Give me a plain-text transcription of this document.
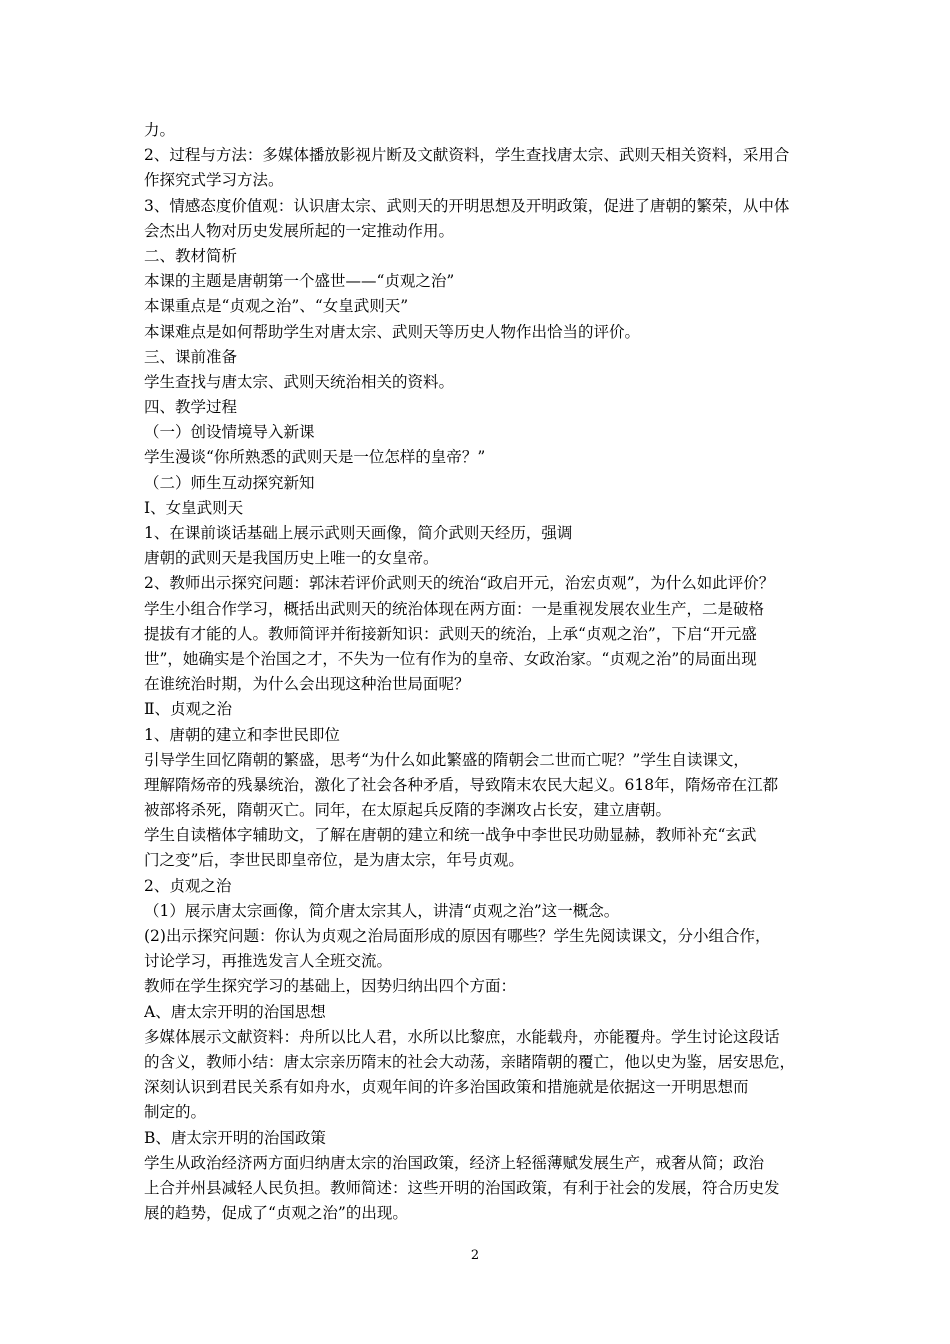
力。
2、过程与方法：多媒体播放影视片断及文献资料，学生查找唐太宗、武则天相关资料，采用合
作探究式学习方法。
3、情感态度价值观：认识唐太宗、武则天的开明思想及开明政策，促进了唐朝的繁荣，从中体
会杰出人物对历史发展所起的一定推动作用。
二、教材简析
本课的主题是唐朝第一个盛世——“贞观之治”
本课重点是“贞观之治”、“女皇武则天”
本课难点是如何帮助学生对唐太宗、武则天等历史人物作出恰当的评价。
三、课前准备
学生查找与唐太宗、武则天统治相关的资料。
四、教学过程
（一）创设情境导入新课
学生漫谈“你所熟悉的武则天是一位怎样的皇帝？”
（二）师生互动探究新知
Ⅰ、女皇武则天
1、在课前谈话基础上展示武则天画像，简介武则天经历，强调
唐朝的武则天是我国历史上唯一的女皇帝。
2、教师出示探究问题：郭沫若评价武则天的统治“政启开元，治宏贞观”，为什么如此评价？
学生小组合作学习，概括出武则天的统治体现在两方面：一是重视发展农业生产，二是破格
提拔有才能的人。教师简评并衔接新知识：武则天的统治，上承“贞观之治”，下启“开元盛
世”，她确实是个治国之才，不失为一位有作为的皇帝、女政治家。“贞观之治”的局面出现
在谁统治时期，为什么会出现这种治世局面呢？
Ⅱ、贞观之治
1、唐朝的建立和李世民即位
引导学生回忆隋朝的繁盛，思考“为什么如此繁盛的隋朝会二世而亡呢？”学生自读课文，
理解隋炀帝的残暴统治，激化了社会各种矛盾，导致隋末农民大起义。618年，隋炀帝在江都
被部将杀死，隋朝灭亡。同年，在太原起兵反隋的李渊攻占长安，建立唐朝。
学生自读楷体字辅助文，了解在唐朝的建立和统一战争中李世民功勋显赫，教师补充“玄武
门之变”后，李世民即皇帝位，是为唐太宗，年号贞观。
2、贞观之治
（1）展示唐太宗画像，简介唐太宗其人，讲清“贞观之治”这一概念。
(2)出示探究问题：你认为贞观之治局面形成的原因有哪些？学生先阅读课文，分小组合作，
讨论学习，再推选发言人全班交流。
教师在学生探究学习的基础上，因势归纳出四个方面：
A、唐太宗开明的治国思想
多媒体展示文献资料：舟所以比人君，水所以比黎庶，水能载舟，亦能覆舟。学生讨论这段话
的含义，教师小结：唐太宗亲历隋末的社会大动荡，亲睹隋朝的覆亡，他以史为鉴，居安思危，
深刻认识到君民关系有如舟水，贞观年间的许多治国政策和措施就是依据这一开明思想而
制定的。
B、唐太宗开明的治国政策
学生从政治经济两方面归纳唐太宗的治国政策，经济上轻徭薄赋发展生产，戒奢从简；政治
上合并州县减轻人民负担。教师简述：这些开明的治国政策，有利于社会的发展，符合历史发
展的趋势，促成了“贞观之治”的出现。
2
